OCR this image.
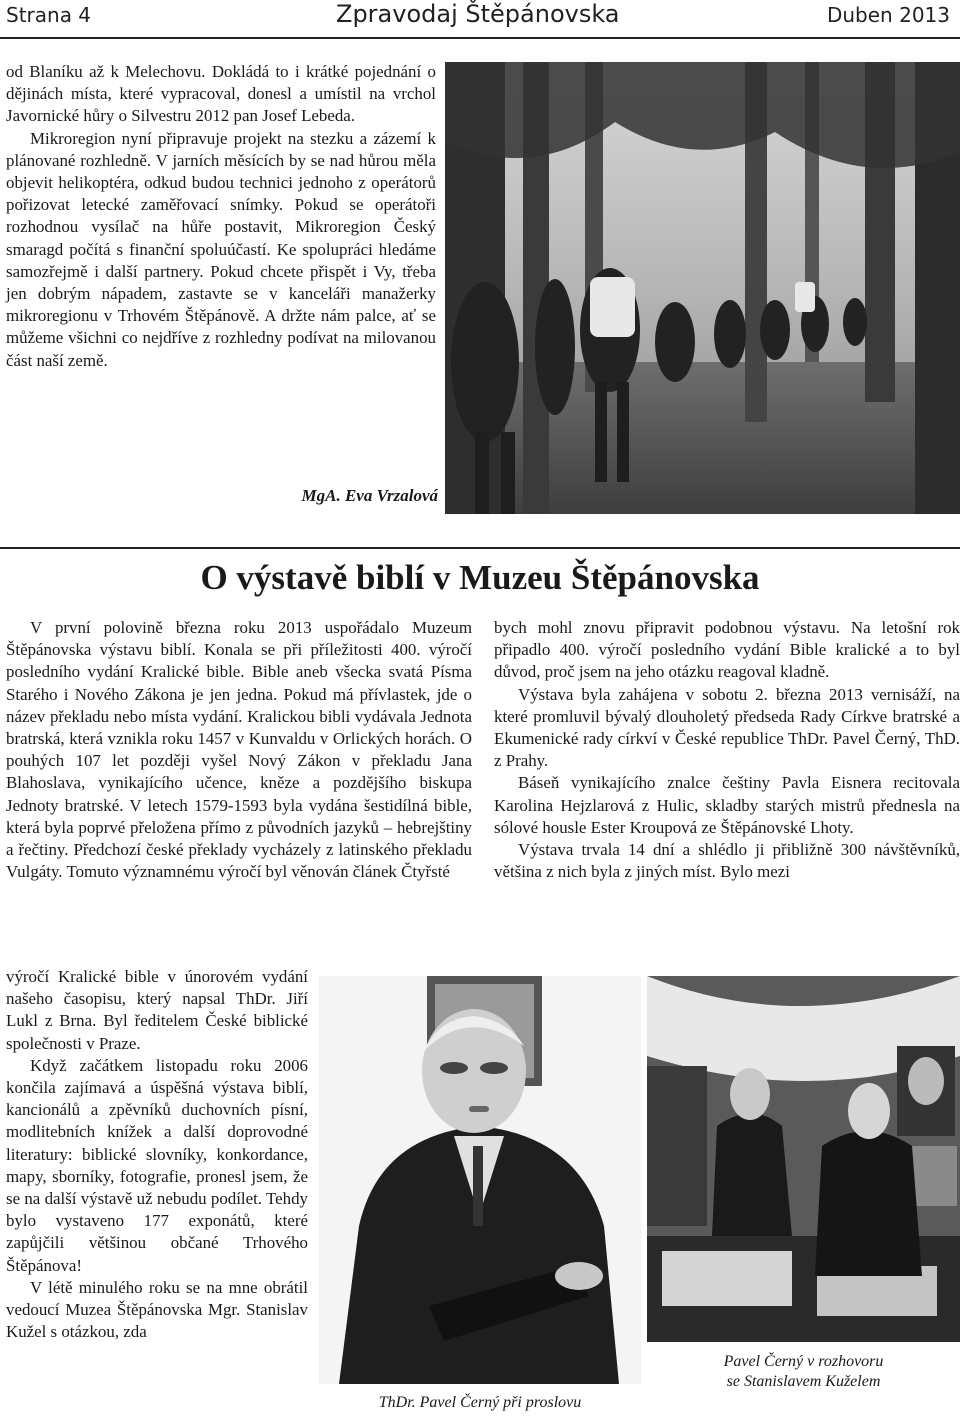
Strana 4	Zpravodaj Štěpánovska	Duben 2013

od Blaníku až k Melechovu. Dokládá to i krátké pojednání o dějinách místa, které vypracoval, donesl a umístil na vrchol Javornické hůry o Silvestru 2012 pan Josef Lebeda.

Mikroregion nyní připravuje projekt na stezku a zázemí k plánované rozhledně. V jarních měsících by se nad hůrou měla objevit helikoptéra, odkud budou technici jednoho z operátorů pořizovat letecké zaměřovací snímky. Pokud se operátoři rozhodnou vysílač na hůře postavit, Mikroregion Český smaragd počítá s finanční spoluúčastí. Ke spolupráci hledáme samozřejmě i další partnery. Pokud chcete přispět i Vy, třeba jen dobrým nápadem, zastavte se v kanceláři manažerky mikroregionu v Trhovém Štěpánově. A držte nám palce, ať se můžeme všichni co nejdříve z rozhledny podívat na milovanou část naší země.

MgA. Eva Vrzalová
O výstavě biblí v Muzeu Štěpánovska

V první polovině března roku 2013 uspořádalo Muzeum Štěpánovska výstavu biblí. Konala se při příležitosti 400. výročí posledního vydání Kralické bible. Bible aneb všecka svatá Písma Starého i Nového Zákona je jen jedna. Pokud má přívlastek, jde o název překladu nebo místa vydání. Kralickou bibli vydávala Jednota bratrská, která vznikla roku 1457 v Kunvaldu v Orlických horách. O pouhých 107 let později vyšel Nový Zákon v překladu Jana Blahoslava, vynikajícího učence, kněze a pozdějšího biskupa Jednoty bratrské. V letech 1579-1593 byla vydána šestidílná bible, která byla poprvé přeložena přímo z původních jazyků – hebrejštiny a řečtiny. Předchozí české překlady vycházely z latinského překladu Vulgáty. Tomuto významnému výročí byl věnován článek Čtyřsté

výročí Kralické bible v únorovém vydání našeho časopisu, který napsal ThDr. Jiří Lukl z Brna. Byl ředitelem České biblické společnosti v Praze.

Když začátkem listopadu roku 2006 končila zajímavá a úspěšná výstava biblí, kancionálů a zpěvníků duchovních písní, modlitebních knížek a další doprovodné literatury: biblické slovníky, konkordance, mapy, sborníky, fotografie, pronesl jsem, že se na další výstavě už nebudu podílet. Tehdy bylo vystaveno 177 exponátů, které zapůjčili většinou občané Trhového Štěpánova!

V létě minulého roku se na mne obrátil vedoucí Muzea Štěpánovska Mgr. Stanislav Kužel s otázkou, zda

bych mohl znovu připravit podobnou výstavu. Na letošní rok připadlo 400. výročí posledního vydání Bible kralické a to byl důvod, proč jsem na jeho otázku reagoval kladně.

Výstava byla zahájena v sobotu 2. března 2013 vernisáží, na které promluvil bývalý dlouholetý předseda Rady Církve bratrské a Ekumenické rady církví v České republice ThDr. Pavel Černý, ThD. z Prahy.

Báseň vynikajícího znalce češtiny Pavla Eisnera recitovala Karolina Hejzlarová z Hulic, skladby starých mistrů přednesla na sólové housle Ester Kroupová ze Štěpánovské Lhoty.

Výstava trvala 14 dní a shlédlo ji přibližně 300 návštěvníků, většina z nich byla z jiných míst. Bylo mezi

ThDr. Pavel Černý při proslovu
Pavel Černý v rozhovoru
se Stanislavem Kuželem
